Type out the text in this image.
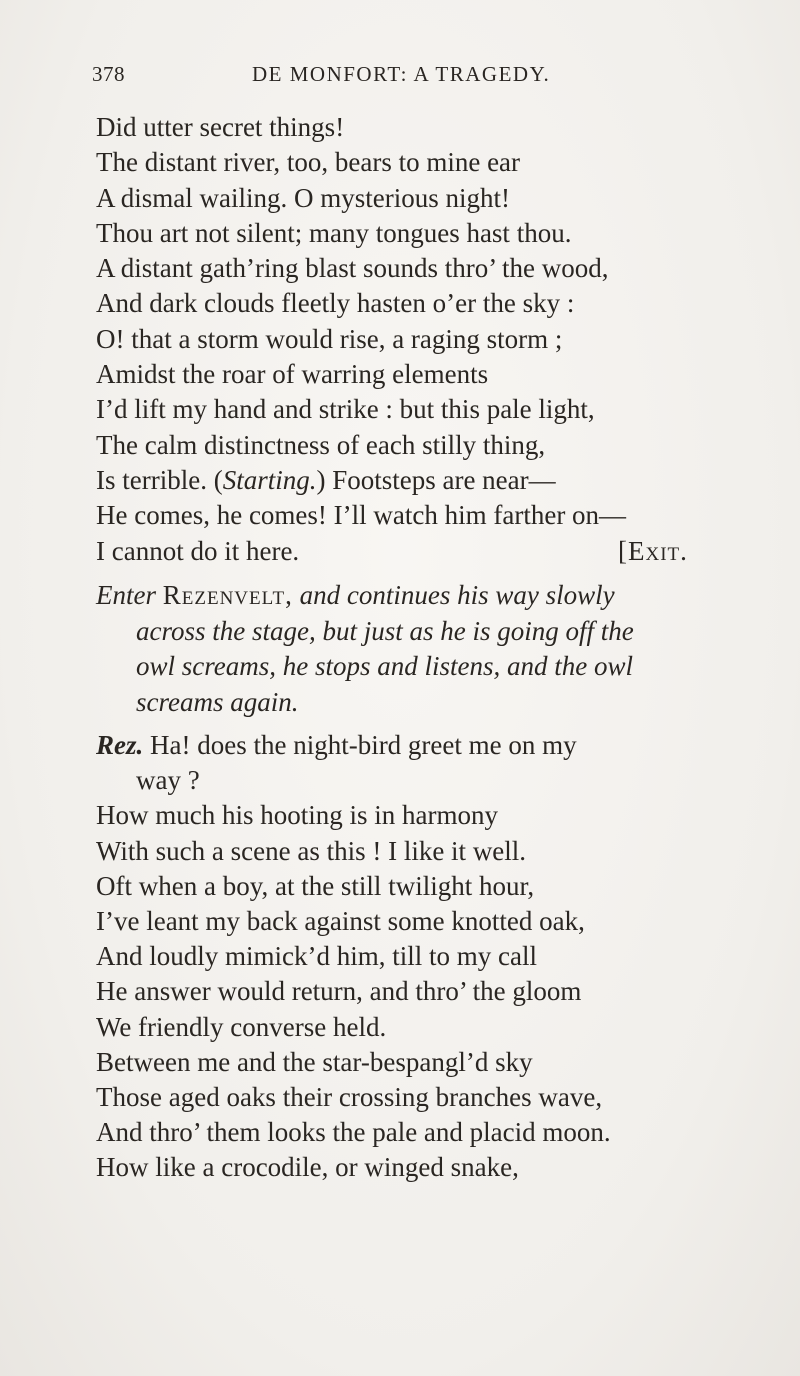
378	DE MONFORT: A TRAGEDY.
Did utter secret things!
The distant river, too, bears to mine ear
A dismal wailing. O mysterious night!
Thou art not silent; many tongues hast thou.
A distant gath’ring blast sounds thro’ the wood,
And dark clouds fleetly hasten o’er the sky :
O! that a storm would rise, a raging storm ;
Amidst the roar of warring elements
I’d lift my hand and strike : but this pale light,
The calm distinctness of each stilly thing,
Is terrible. (Starting.) Footsteps are near—
He comes, he comes! I’ll watch him farther on—
I cannot do it here.	[Exit.
Enter Rezenvelt, and continues his way slowly
across the stage, but just as he is going off the
owl screams, he stops and listens, and the owl
screams again.
Rez. Ha! does the night-bird greet me on my
way ?
How much his hooting is in harmony
With such a scene as this ! I like it well.
Oft when a boy, at the still twilight hour,
I’ve leant my back against some knotted oak,
And loudly mimick’d him, till to my call
He answer would return, and thro’ the gloom
We friendly converse held.
Between me and the star-bespangl’d sky
Those aged oaks their crossing branches wave,
And thro’ them looks the pale and placid moon.
How like a crocodile, or winged snake,
